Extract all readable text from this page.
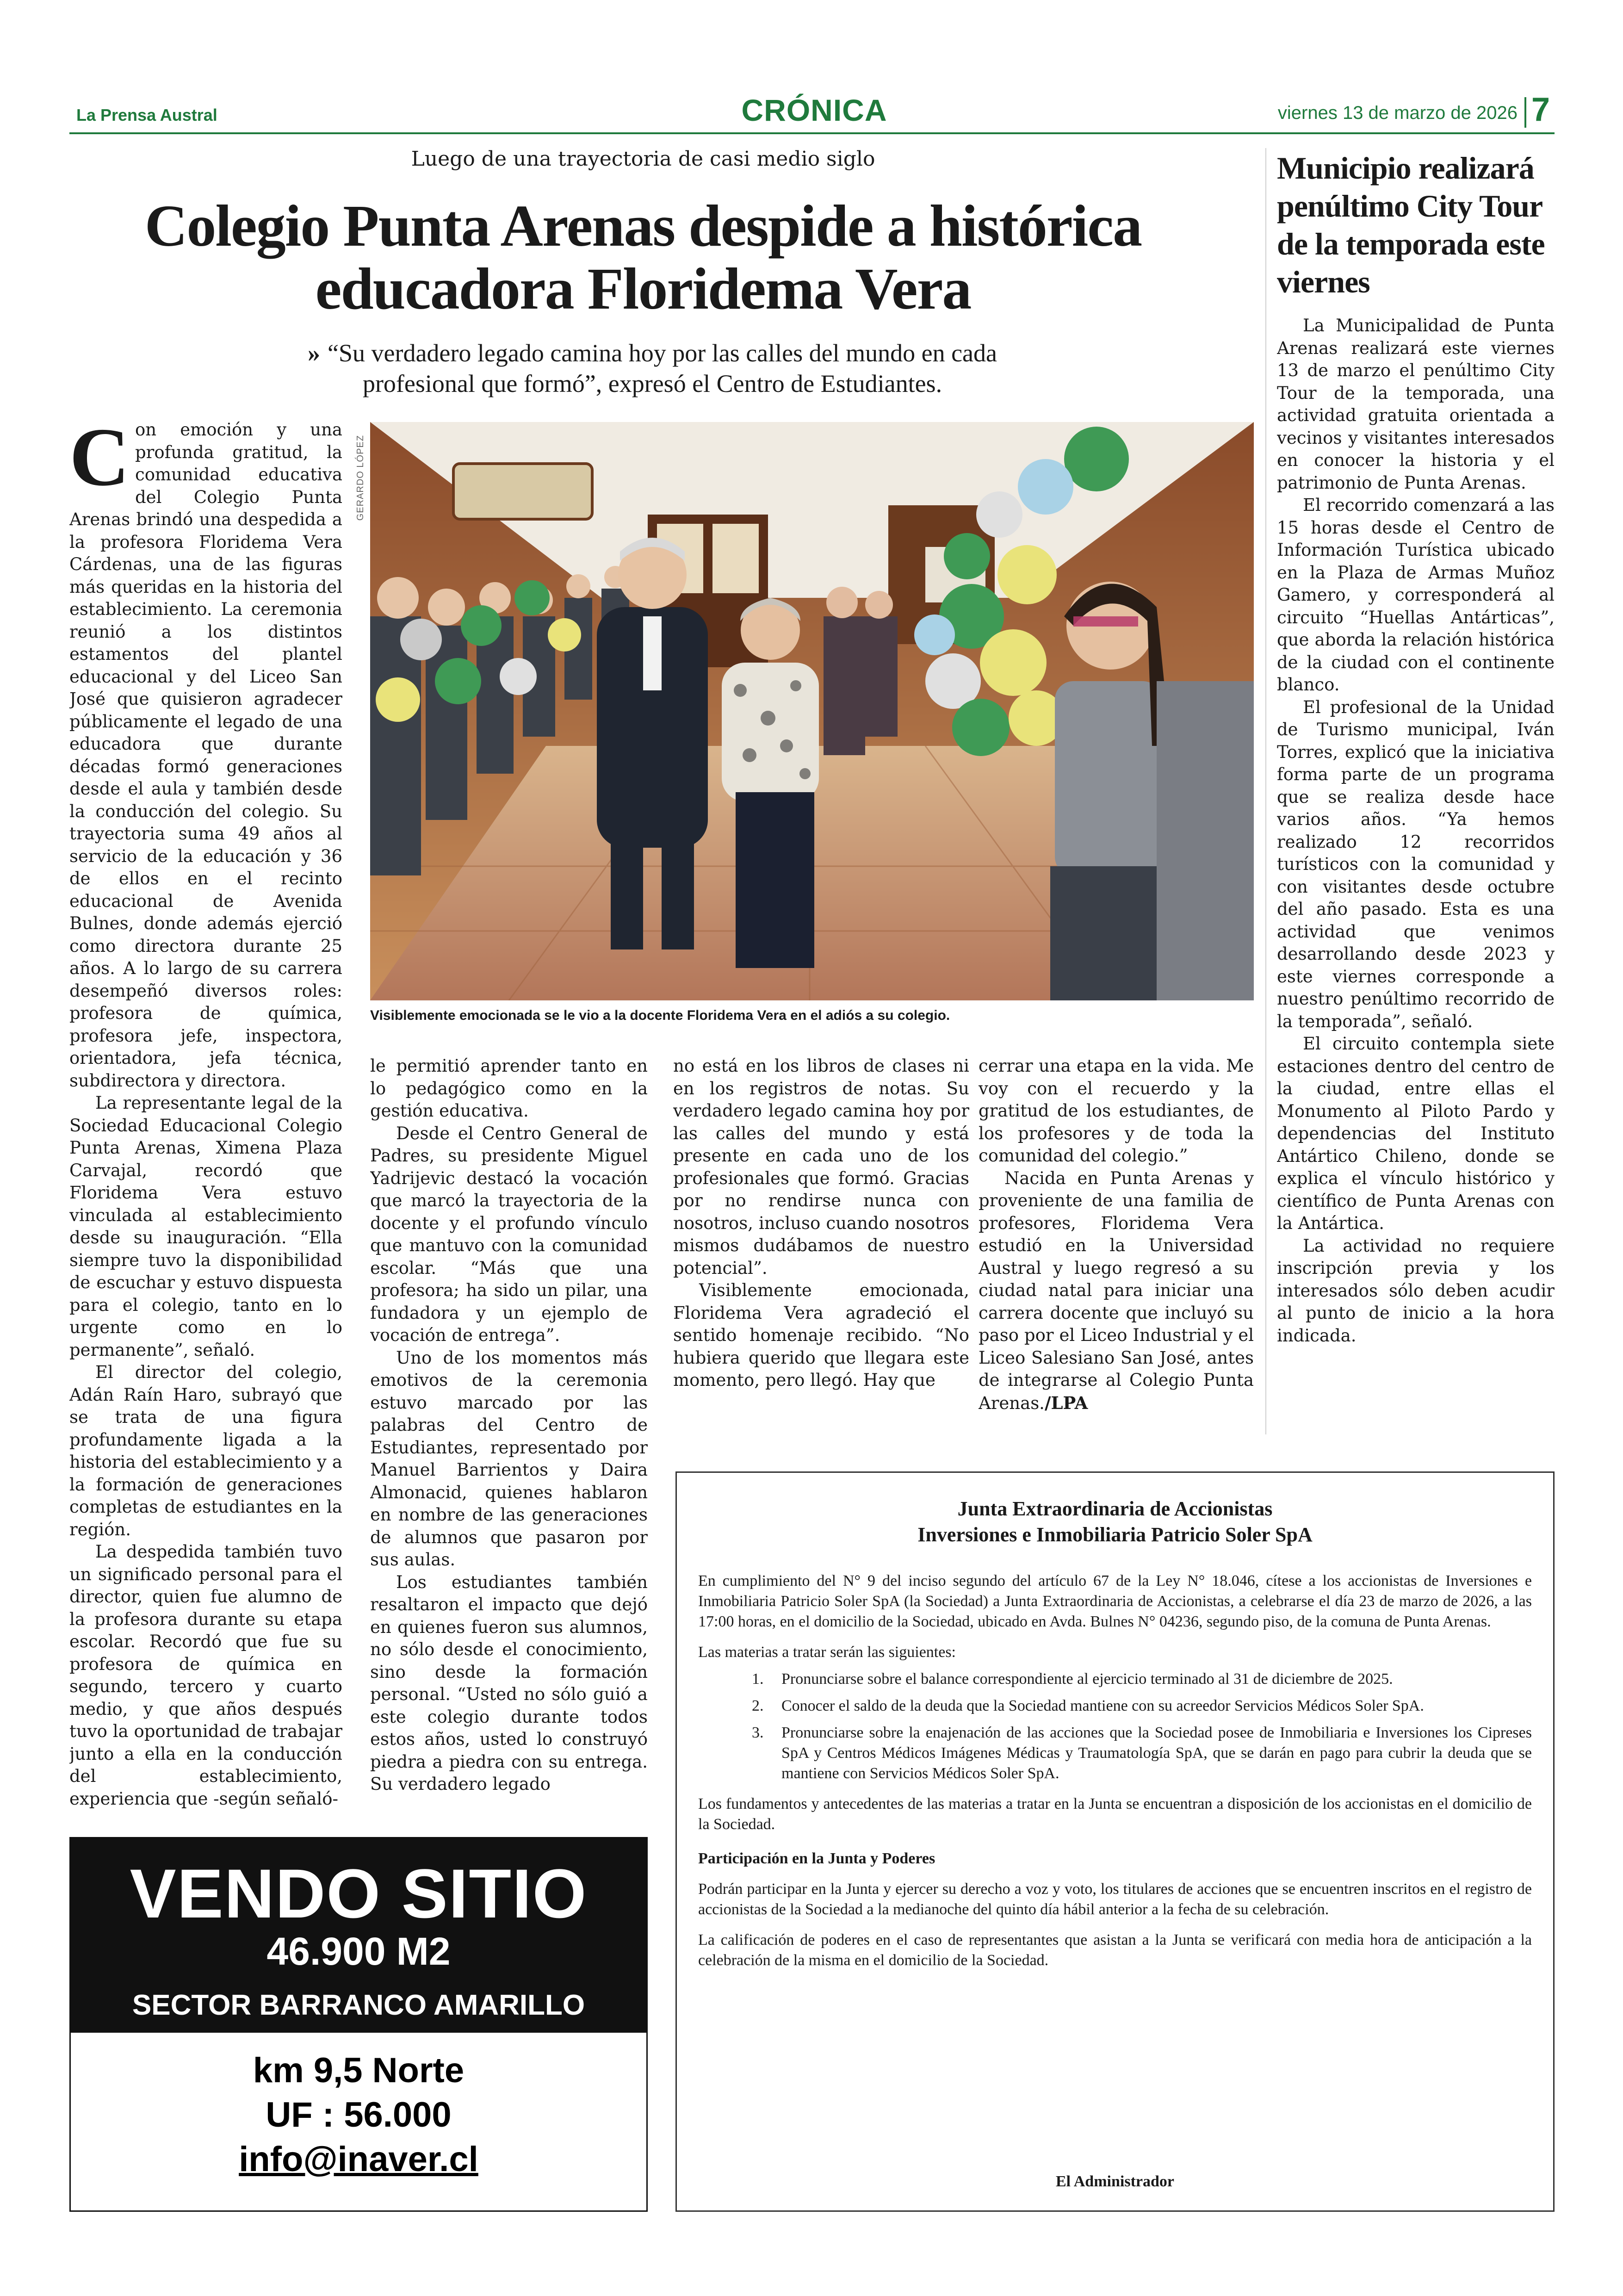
La Prensa Austral	CRÓNICA	viernes 13 de marzo de 2026 7
Luego de una trayectoria de casi medio siglo
Colegio Punta Arenas despide a histórica educadora Floridema Vera
» “Su verdadero legado camina hoy por las calles del mundo en cada profesional que formó”, expresó el Centro de Estudiantes.

Con emoción y una profunda gratitud, la comunidad educativa del Colegio Punta Arenas brindó una despedida a la profesora Floridema Vera Cárdenas, una de las figuras más queridas en la historia del establecimiento. La ceremonia reunió a los distintos estamentos del plantel educacional y del Liceo San José que quisieron agradecer públicamente el legado de una educadora que durante décadas formó generaciones desde el aula y también desde la conducción del colegio. Su trayectoria suma 49 años al servicio de la educación y 36 de ellos en el recinto educacional de Avenida Bulnes, donde además ejerció como directora durante 25 años. A lo largo de su carrera desempeñó diversos roles: profesora de química, profesora jefe, inspectora, orientadora, jefa técnica, subdirectora y directora.

La representante legal de la Sociedad Educacional Colegio Punta Arenas, Ximena Plaza Carvajal, recordó que Floridema Vera estuvo vinculada al establecimiento desde su inauguración. “Ella siempre tuvo la disponibilidad de escuchar y estuvo dispuesta para el colegio, tanto en lo urgente como en lo permanente”, señaló.

El director del colegio, Adán Raín Haro, subrayó que se trata de una figura profundamente ligada a la historia del establecimiento y a la formación de generaciones completas de estudiantes en la región.

La despedida también tuvo un significado personal para el director, quien fue alumno de la profesora durante su etapa escolar. Recordó que fue su profesora de química en segundo, tercero y cuarto medio, y que años después tuvo la oportunidad de trabajar junto a ella en la conducción del establecimiento, experiencia que -según señaló-

GERARDO LÓPEZ
Visiblemente emocionada se le vio a la docente Floridema Vera en el adiós a su colegio.

le permitió aprender tanto en lo pedagógico como en la gestión educativa.

Desde el Centro General de Padres, su presidente Miguel Yadrijevic destacó la vocación que marcó la trayectoria de la docente y el profundo vínculo que mantuvo con la comunidad escolar. “Más que una profesora; ha sido un pilar, una fundadora y un ejemplo de vocación de entrega”.

Uno de los momentos más emotivos de la ceremonia estuvo marcado por las palabras del Centro de Estudiantes, representado por Manuel Barrientos y Daira Almonacid, quienes hablaron en nombre de las generaciones de alumnos que pasaron por sus aulas.

Los estudiantes también resaltaron el impacto que dejó en quienes fueron sus alumnos, no sólo desde el conocimiento, sino desde la formación personal. “Usted no sólo guió a este colegio durante todos estos años, usted lo construyó piedra a piedra con su entrega. Su verdadero legado

no está en los libros de clases ni en los registros de notas. Su verdadero legado camina hoy por las calles del mundo y está presente en cada uno de los profesionales que formó. Gracias por no rendirse nunca con nosotros, incluso cuando nosotros mismos dudábamos de nuestro potencial”.

Visiblemente emocionada, Floridema Vera agradeció el sentido homenaje recibido. “No hubiera querido que llegara este momento, pero llegó. Hay que

cerrar una etapa en la vida. Me voy con el recuerdo y la gratitud de los estudiantes, de los profesores y de toda la comunidad del colegio.”

Nacida en Punta Arenas y proveniente de una familia de profesores, Floridema Vera estudió en la Universidad Austral y luego regresó a su ciudad natal para iniciar una carrera docente que incluyó su paso por el Liceo Industrial y el Liceo Salesiano San José, antes de integrarse al Colegio Punta Arenas./LPA

Municipio realizará penúltimo City Tour de la temporada este viernes

La Municipalidad de Punta Arenas realizará este viernes 13 de marzo el penúltimo City Tour de la temporada, una actividad gratuita orientada a vecinos y visitantes interesados en conocer la historia y el patrimonio de Punta Arenas.

El recorrido comenzará a las 15 horas desde el Centro de Información Turística ubicado en la Plaza de Armas Muñoz Gamero, y corresponderá al circuito “Huellas Antárticas”, que aborda la relación histórica de la ciudad con el continente blanco.

El profesional de la Unidad de Turismo municipal, Iván Torres, explicó que la iniciativa forma parte de un programa que se realiza desde hace varios años. “Ya hemos realizado 12 recorridos turísticos con la comunidad y con visitantes desde octubre del año pasado. Esta es una actividad que venimos desarrollando desde 2023 y este viernes corresponde a nuestro penúltimo recorrido de la temporada”, señaló.

El circuito contempla siete estaciones dentro del centro de la ciudad, entre ellas el Monumento al Piloto Pardo y dependencias del Instituto Antártico Chileno, donde se explica el vínculo histórico y científico de Punta Arenas con la Antártica.

La actividad no requiere inscripción previa y los interesados sólo deben acudir al punto de inicio a la hora indicada.

VENDO SITIO
46.900 M2
SECTOR BARRANCO AMARILLO
km 9,5 Norte
UF : 56.000
info@inaver.cl
Junta Extraordinaria de Accionistas
Inversiones e Inmobiliaria Patricio Soler SpA

En cumplimiento del N° 9 del inciso segundo del artículo 67 de la Ley N° 18.046, cítese a los accionistas de Inversiones e Inmobiliaria Patricio Soler SpA (la Sociedad) a Junta Extraordinaria de Accionistas, a celebrarse el día 23 de marzo de 2026, a las 17:00 horas, en el domicilio de la Sociedad, ubicado en Avda. Bulnes N° 04236, segundo piso, de la comuna de Punta Arenas.

Las materias a tratar serán las siguientes:

1. Pronunciarse sobre el balance correspondiente al ejercicio terminado al 31 de diciembre de 2025.
2. Conocer el saldo de la deuda que la Sociedad mantiene con su acreedor Servicios Médicos Soler SpA.
3. Pronunciarse sobre la enajenación de las acciones que la Sociedad posee de Inmobiliaria e Inversiones los Cipreses SpA y Centros Médicos Imágenes Médicas y Traumatología SpA, que se darán en pago para cubrir la deuda que se mantiene con Servicios Médicos Soler SpA.

Los fundamentos y antecedentes de las materias a tratar en la Junta se encuentran a disposición de los accionistas en el domicilio de la Sociedad.

Participación en la Junta y Poderes

Podrán participar en la Junta y ejercer su derecho a voz y voto, los titulares de acciones que se encuentren inscritos en el registro de accionistas de la Sociedad a la medianoche del quinto día hábil anterior a la fecha de su celebración.

La calificación de poderes en el caso de representantes que asistan a la Junta se verificará con media hora de anticipación a la celebración de la misma en el domicilio de la Sociedad.

El Administrador
